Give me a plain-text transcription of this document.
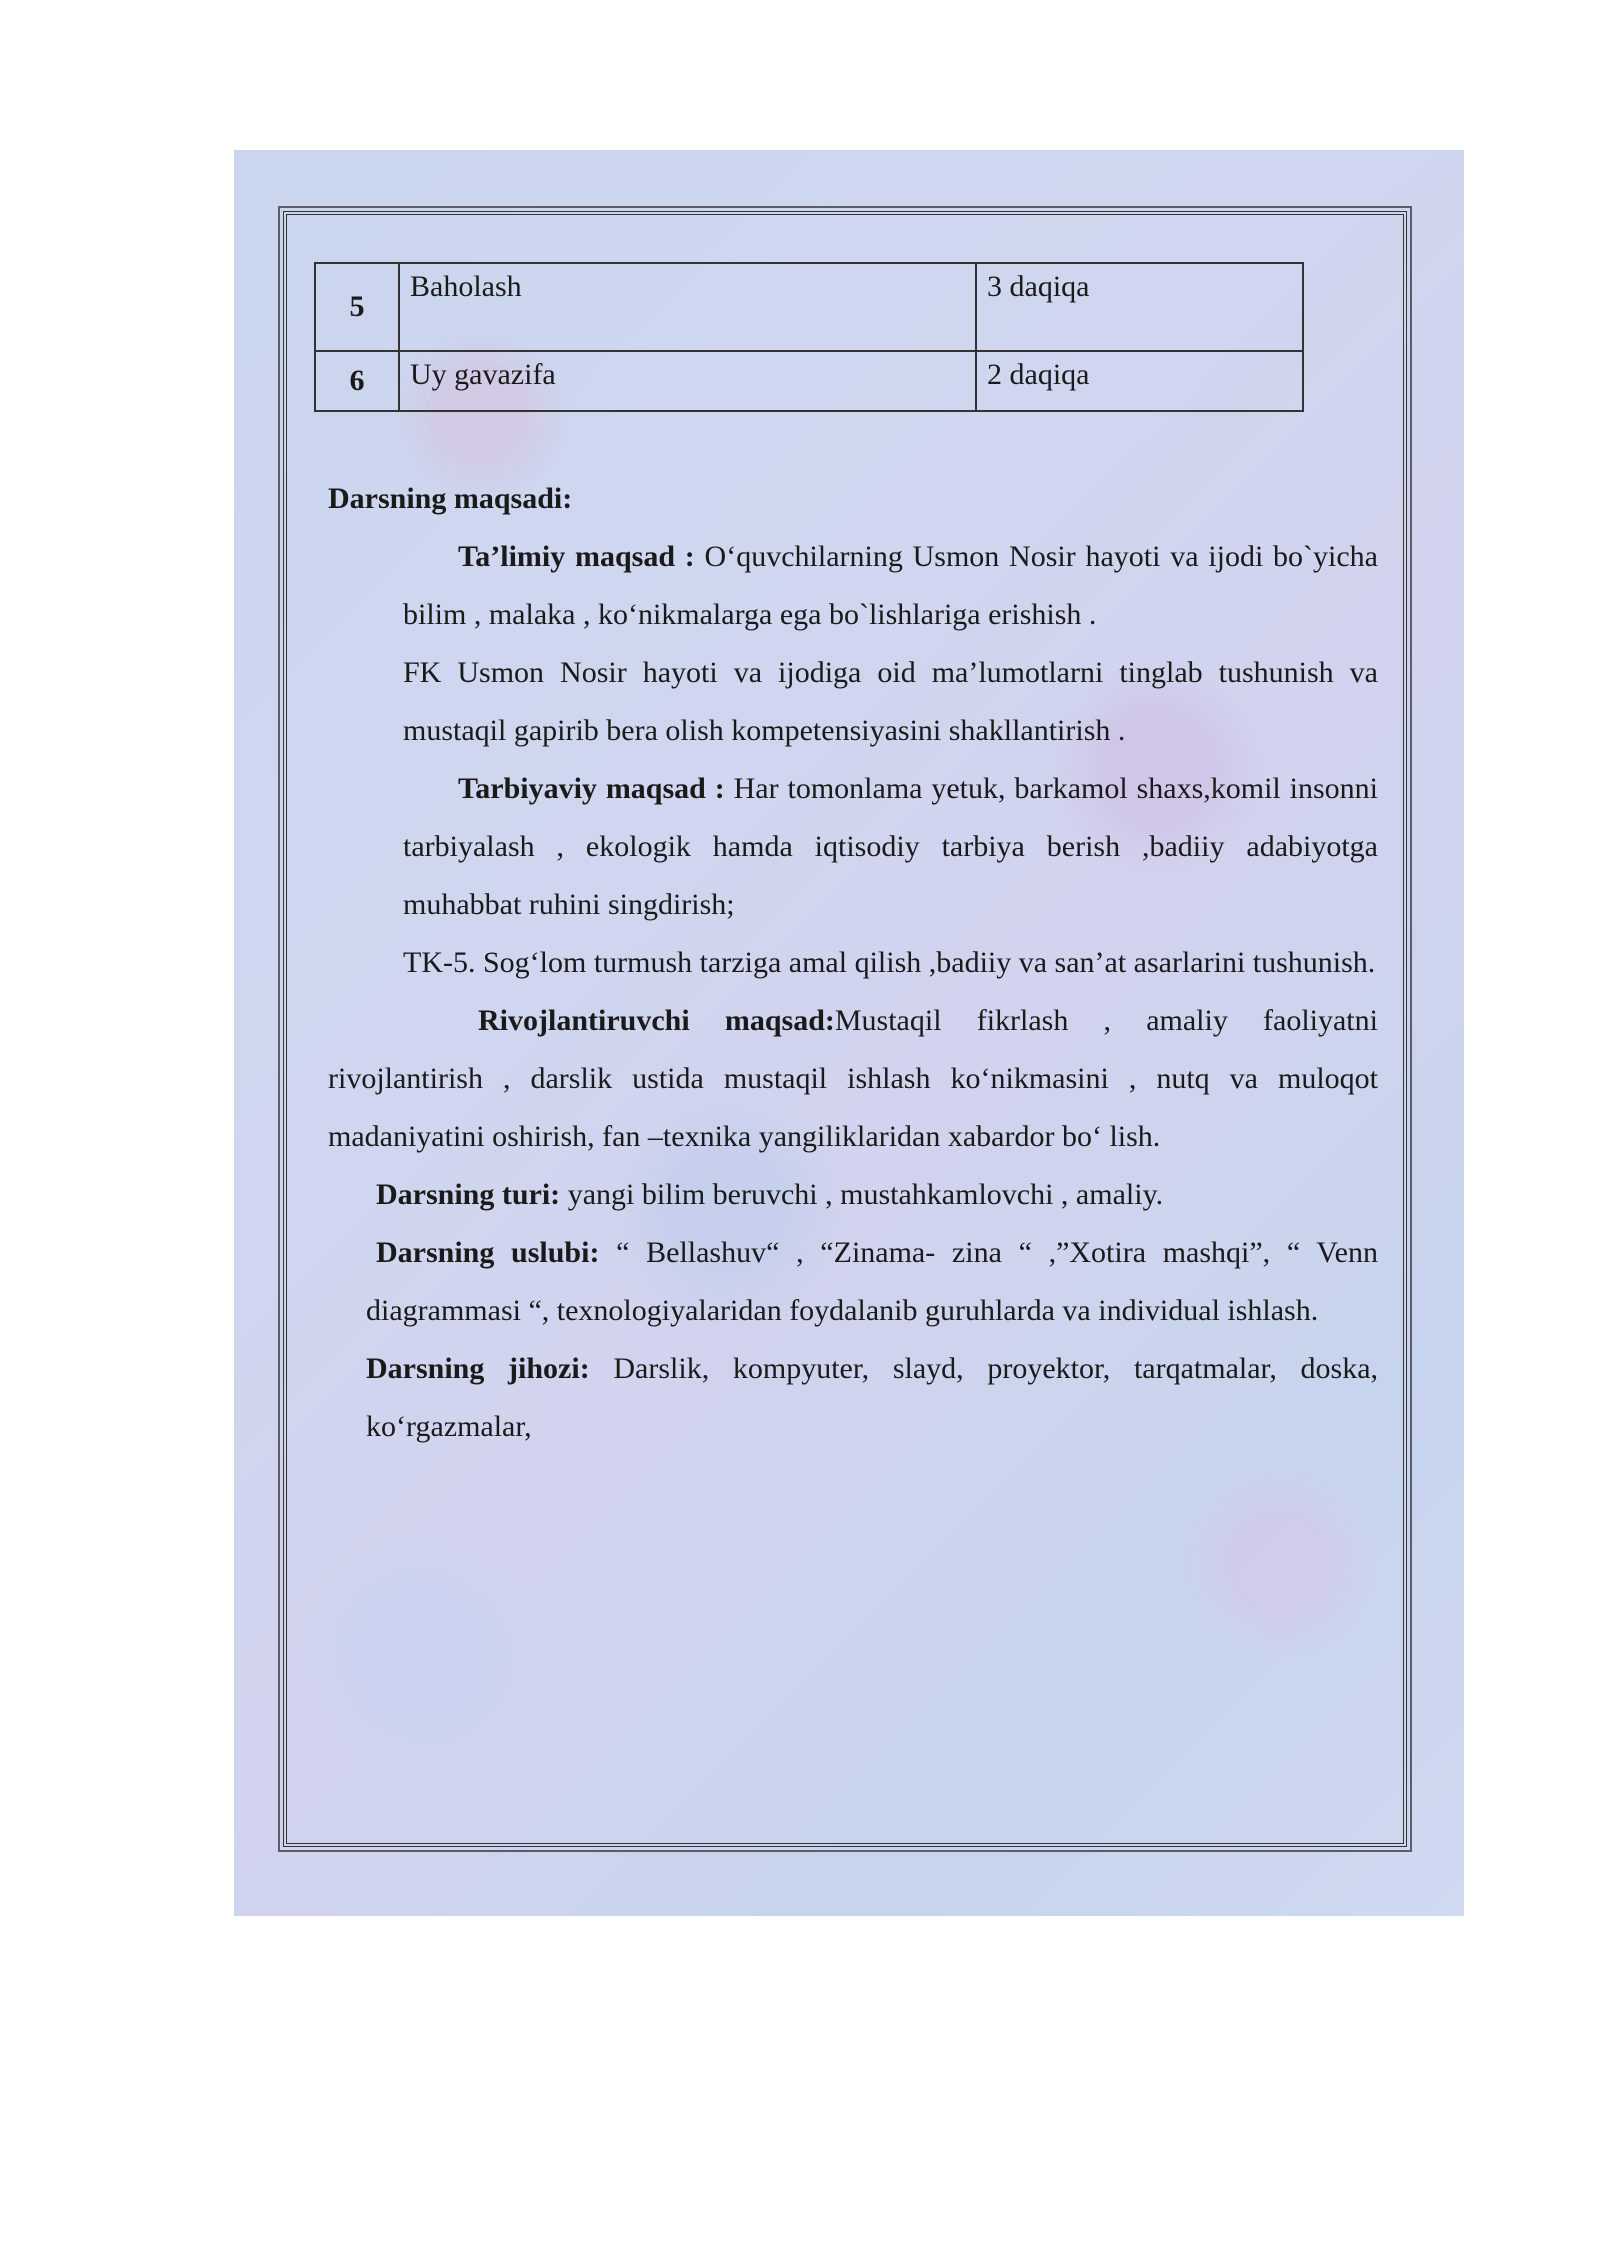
5	Baholash	3 daqiqa
6	Uy gavazifa	2 daqiqa

Darsning maqsadi:

Ta’limiy maqsad : O‘quvchilarning Usmon Nosir hayoti va ijodi bo`yicha bilim , malaka , ko‘nikmalarga ega bo`lishlariga erishish .

FK Usmon Nosir hayoti va ijodiga oid ma’lumotlarni tinglab tushunish va mustaqil gapirib bera olish kompetensiyasini shakllantirish .

Tarbiyaviy maqsad : Har tomonlama yetuk, barkamol shaxs,komil insonni tarbiyalash , ekologik hamda iqtisodiy tarbiya berish ,badiiy adabiyotga muhabbat ruhini singdirish;

TK-5. Sog‘lom turmush tarziga amal qilish ,badiiy va san’at asarlarini tushunish.

Rivojlantiruvchi maqsad:Mustaqil fikrlash , amaliy faoliyatni rivojlantirish , darslik ustida mustaqil ishlash ko‘nikmasini , nutq va muloqot madaniyatini oshirish, fan –texnika yangiliklaridan xabardor bo‘ lish.

Darsning turi: yangi bilim beruvchi , mustahkamlovchi , amaliy.

Darsning uslubi: “ Bellashuv“ , “Zinama- zina “ ,”Xotira mashqi”, “ Venn diagrammasi “, texnologiyalaridan foydalanib guruhlarda va individual ishlash.

Darsning jihozi: Darslik, kompyuter, slayd, proyektor, tarqatmalar, doska, ko‘rgazmalar,
